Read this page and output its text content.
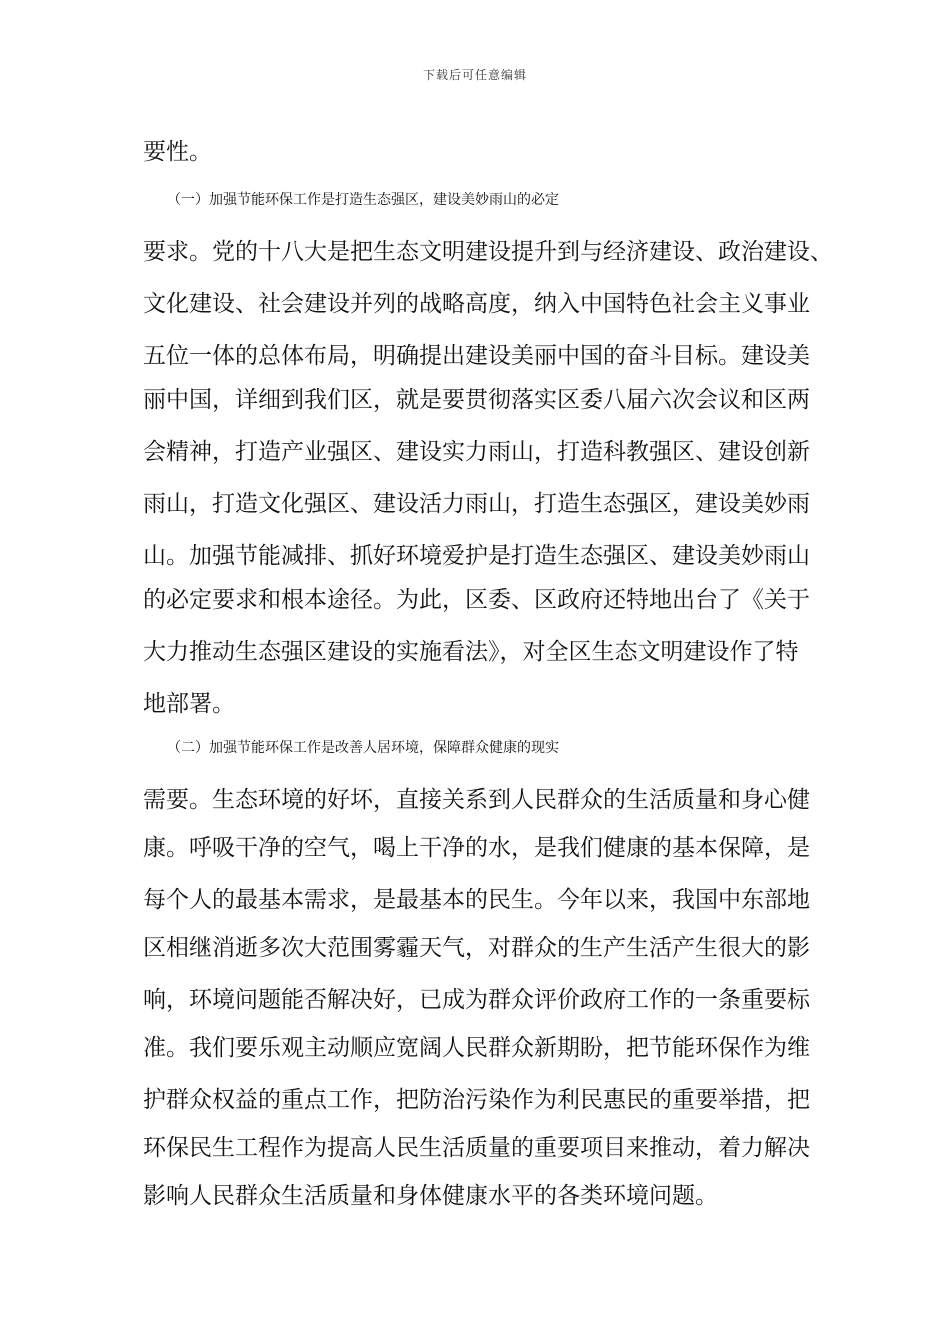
下载后可任意编辑
要性。
（一）加强节能环保工作是打造生态强区，建设美妙雨山的必定
要求。党的十八大是把生态文明建设提升到与经济建设、政治建设、
文化建设、社会建设并列的战略高度，纳入中国特色社会主义事业
五位一体的总体布局，明确提出建设美丽中国的奋斗目标。建设美
丽中国，详细到我们区，就是要贯彻落实区委八届六次会议和区两
会精神，打造产业强区、建设实力雨山，打造科教强区、建设创新
雨山，打造文化强区、建设活力雨山，打造生态强区，建设美妙雨
山。加强节能减排、抓好环境爱护是打造生态强区、建设美妙雨山
的必定要求和根本途径。为此，区委、区政府还特地出台了《关于
大力推动生态强区建设的实施看法》，对全区生态文明建设作了特
地部署。
（二）加强节能环保工作是改善人居环境，保障群众健康的现实
需要。生态环境的好坏，直接关系到人民群众的生活质量和身心健
康。呼吸干净的空气，喝上干净的水，是我们健康的基本保障，是
每个人的最基本需求，是最基本的民生。今年以来，我国中东部地
区相继消逝多次大范围雾霾天气，对群众的生产生活产生很大的影
响，环境问题能否解决好，已成为群众评价政府工作的一条重要标
准。我们要乐观主动顺应宽阔人民群众新期盼，把节能环保作为维
护群众权益的重点工作，把防治污染作为利民惠民的重要举措，把
环保民生工程作为提高人民生活质量的重要项目来推动，着力解决
影响人民群众生活质量和身体健康水平的各类环境问题。
